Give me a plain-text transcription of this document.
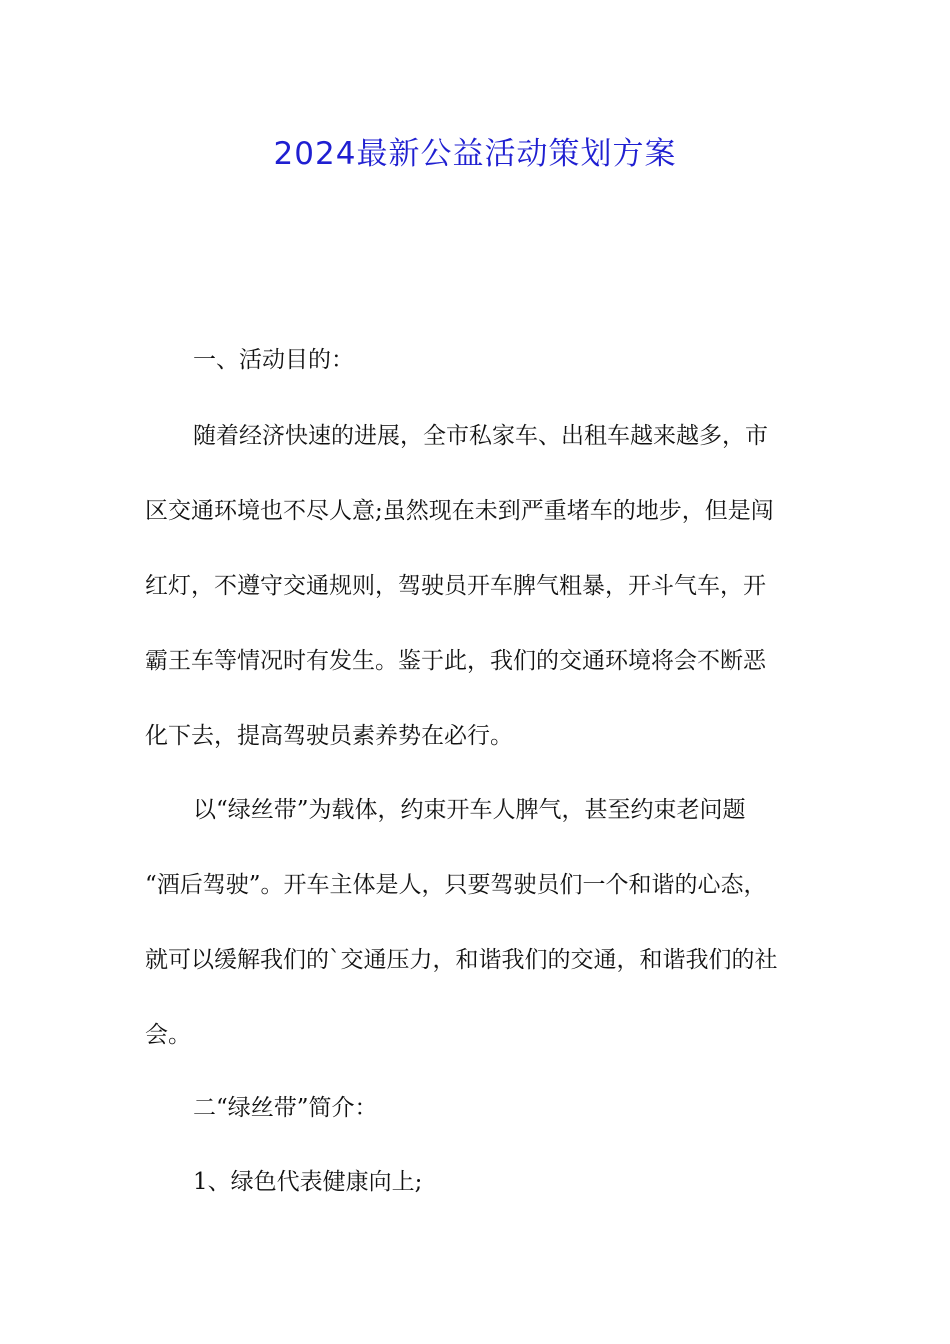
2024最新公益活动策划方案

一、活动目的：

随着经济快速的进展，全市私家车、出租车越来越多，市
区交通环境也不尽人意;虽然现在未到严重堵车的地步，但是闯
红灯，不遵守交通规则，驾驶员开车脾气粗暴，开斗气车，开
霸王车等情况时有发生。鉴于此，我们的交通环境将会不断恶
化下去，提高驾驶员素养势在必行。
以“绿丝带”为载体，约束开车人脾气，甚至约束老问题
“酒后驾驶”。开车主体是人，只要驾驶员们一个和谐的心态，
就可以缓解我们的`交通压力，和谐我们的交通，和谐我们的社
会。

二“绿丝带”简介：

1、绿色代表健康向上;
